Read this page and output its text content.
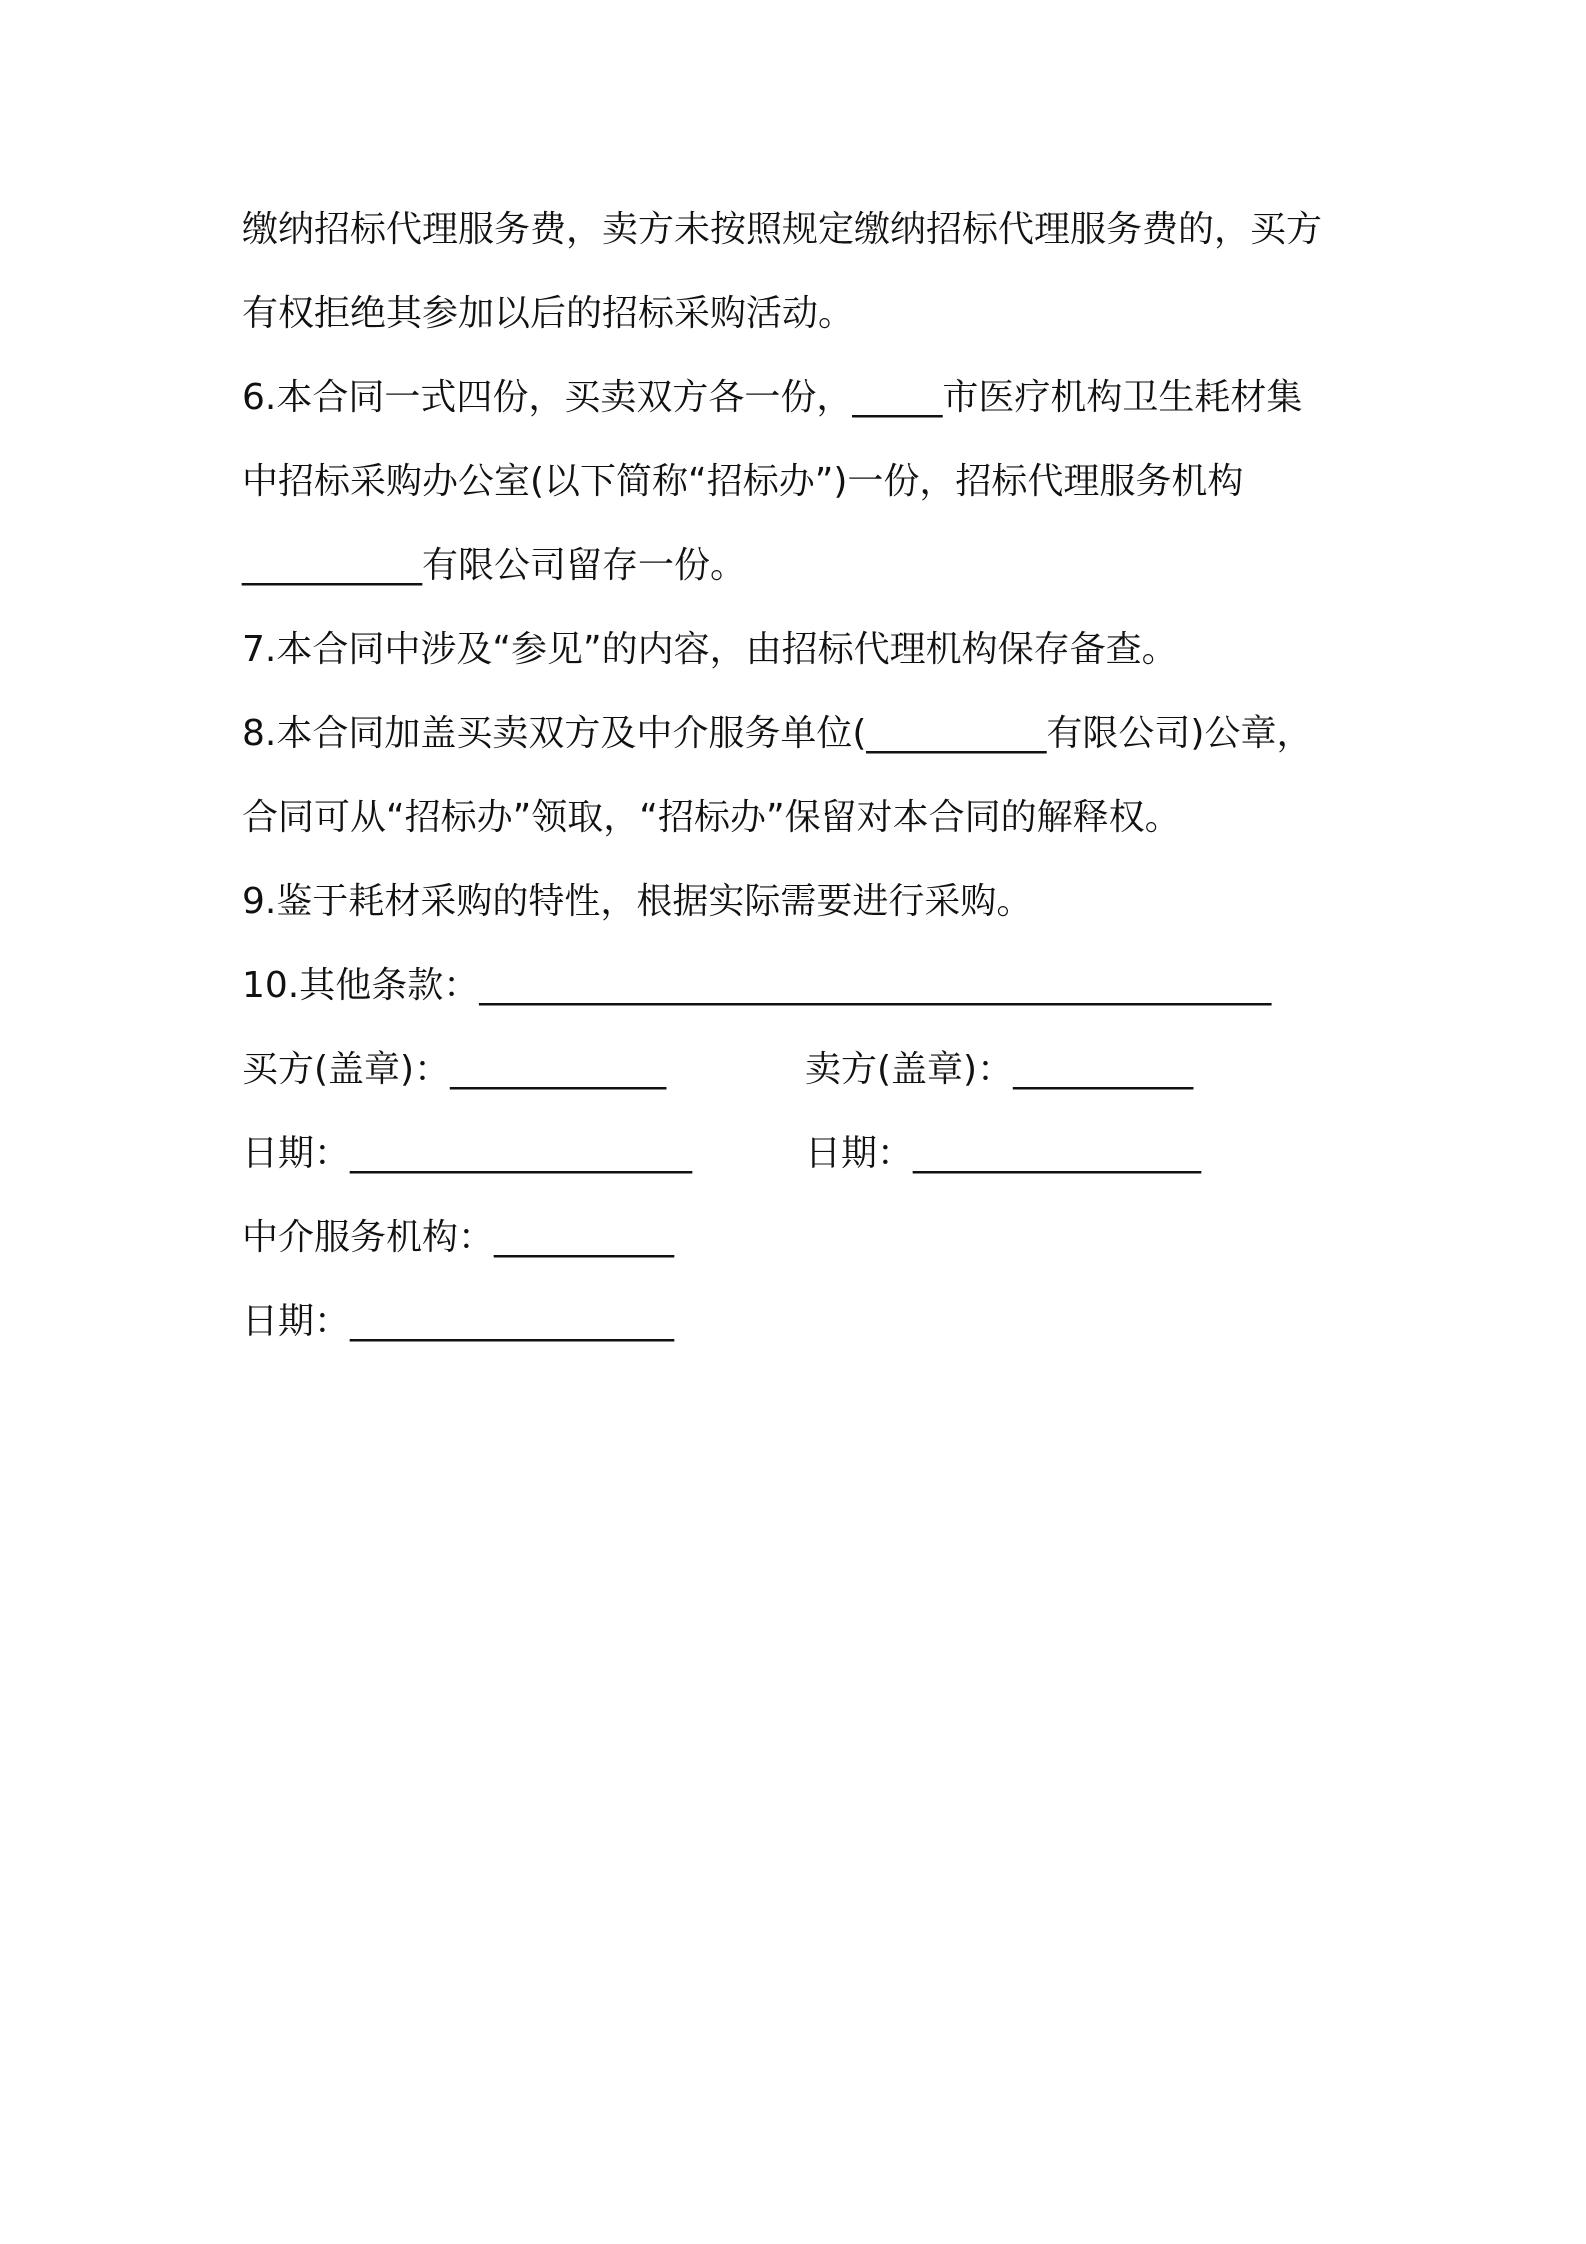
缴纳招标代理服务费，卖方未按照规定缴纳招标代理服务费的，买方
有权拒绝其参加以后的招标采购活动。
6.本合同一式四份，买卖双方各一份，_____市医疗机构卫生耗材集
中招标采购办公室(以下简称“招标办”)一份，招标代理服务机构
__________有限公司留存一份。
7.本合同中涉及“参见”的内容，由招标代理机构保存备查。
8.本合同加盖买卖双方及中介服务单位(__________有限公司)公章，
合同可从“招标办”领取，“招标办”保留对本合同的解释权。
9.鉴于耗材采购的特性，根据实际需要进行采购。
10.其他条款：____________________________________________
买方(盖章)：____________	卖方(盖章)：__________
日期：___________________	日期：________________
中介服务机构：__________
日期：__________________
